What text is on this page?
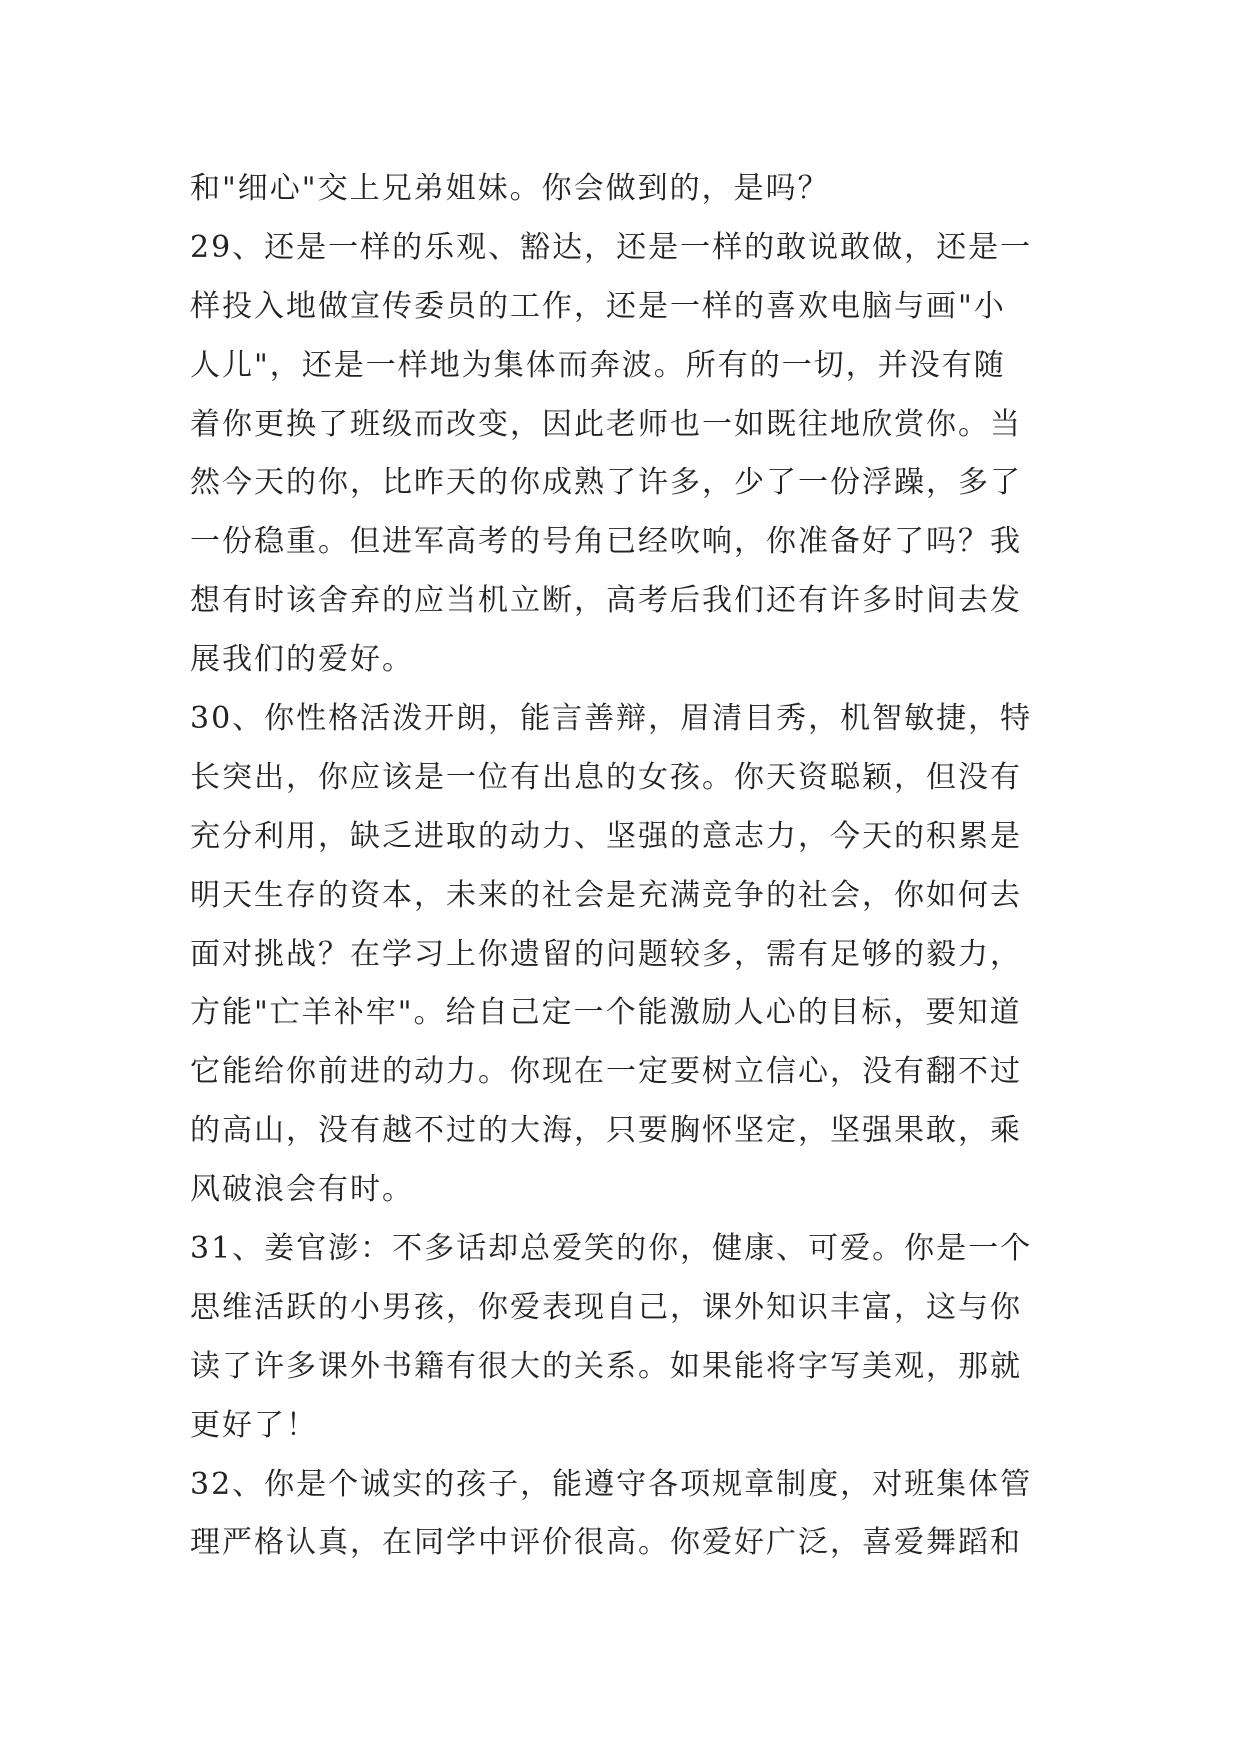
和"细心"交上兄弟姐妹。你会做到的，是吗？
29、还是一样的乐观、豁达，还是一样的敢说敢做，还是一
样投入地做宣传委员的工作，还是一样的喜欢电脑与画"小
人儿"，还是一样地为集体而奔波。所有的一切，并没有随
着你更换了班级而改变，因此老师也一如既往地欣赏你。当
然今天的你，比昨天的你成熟了许多，少了一份浮躁，多了
一份稳重。但进军高考的号角已经吹响，你准备好了吗？我
想有时该舍弃的应当机立断，高考后我们还有许多时间去发
展我们的爱好。
30、你性格活泼开朗，能言善辩，眉清目秀，机智敏捷，特
长突出，你应该是一位有出息的女孩。你天资聪颖，但没有
充分利用，缺乏进取的动力、坚强的意志力，今天的积累是
明天生存的资本，未来的社会是充满竞争的社会，你如何去
面对挑战？在学习上你遗留的问题较多，需有足够的毅力，
方能"亡羊补牢"。给自己定一个能激励人心的目标，要知道
它能给你前进的动力。你现在一定要树立信心，没有翻不过
的高山，没有越不过的大海，只要胸怀坚定，坚强果敢，乘
风破浪会有时。
31、姜官澎：不多话却总爱笑的你，健康、可爱。你是一个
思维活跃的小男孩，你爱表现自己，课外知识丰富，这与你
读了许多课外书籍有很大的关系。如果能将字写美观，那就
更好了！
32、你是个诚实的孩子，能遵守各项规章制度，对班集体管
理严格认真，在同学中评价很高。你爱好广泛，喜爱舞蹈和
